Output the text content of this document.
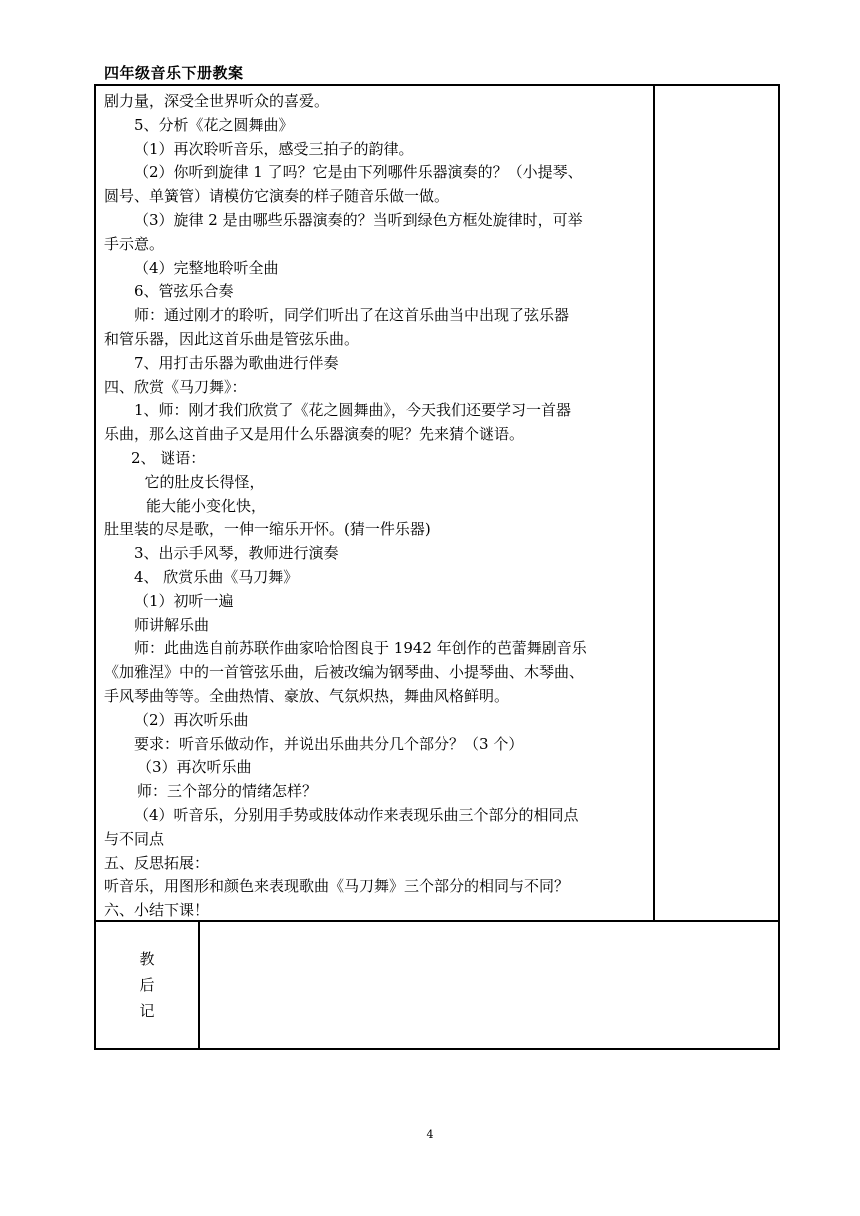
四年级音乐下册教案
剧力量，深受全世界听众的喜爱。
5、分析《花之圆舞曲》
（1）再次聆听音乐，感受三拍子的韵律。
（2）你听到旋律 1 了吗？它是由下列哪件乐器演奏的？（小提琴、
圆号、单簧管）请模仿它演奏的样子随音乐做一做。
（3）旋律 2 是由哪些乐器演奏的？当听到绿色方框处旋律时，可举
手示意。
（4）完整地聆听全曲
6、管弦乐合奏
师：通过刚才的聆听，同学们听出了在这首乐曲当中出现了弦乐器
和管乐器，因此这首乐曲是管弦乐曲。
7、用打击乐器为歌曲进行伴奏
四、欣赏《马刀舞》：
1、师：刚才我们欣赏了《花之圆舞曲》，今天我们还要学习一首器
乐曲，那么这首曲子又是用什么乐器演奏的呢？先来猜个谜语。
2、 谜语：
它的肚皮长得怪，
能大能小变化快，
肚里装的尽是歌，一伸一缩乐开怀。(猜一件乐器)
3、出示手风琴，教师进行演奏
4、 欣赏乐曲《马刀舞》
（1）初听一遍
师讲解乐曲
师：此曲选自前苏联作曲家哈恰图良于 1942 年创作的芭蕾舞剧音乐
《加雅涅》中的一首管弦乐曲，后被改编为钢琴曲、小提琴曲、木琴曲、
手风琴曲等等。全曲热情、豪放、气氛炽热，舞曲风格鲜明。
（2）再次听乐曲
要求：听音乐做动作，并说出乐曲共分几个部分？（3 个）
（3）再次听乐曲
师：三个部分的情绪怎样？
（4）听音乐，分别用手势或肢体动作来表现乐曲三个部分的相同点
与不同点
五、反思拓展：
听音乐，用图形和颜色来表现歌曲《马刀舞》三个部分的相同与不同？
六、小结下课！
教后记
4
